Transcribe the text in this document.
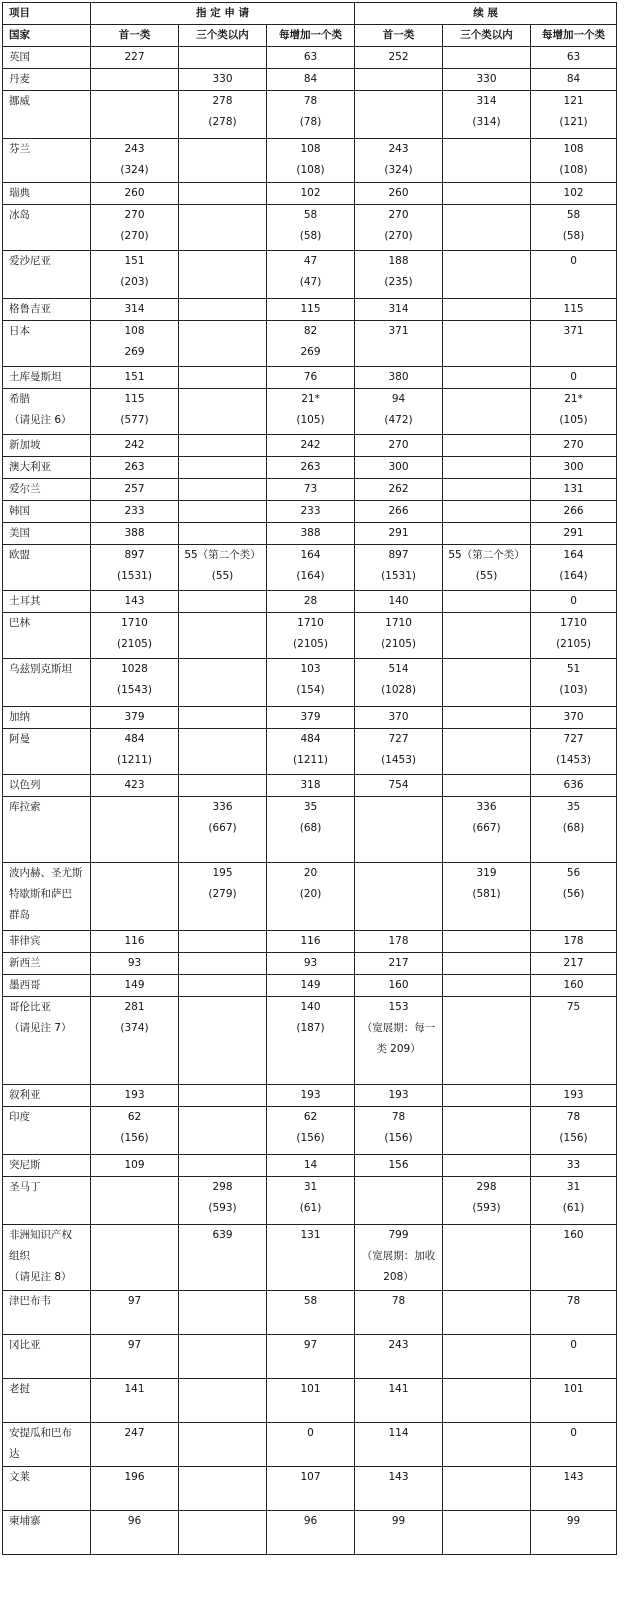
项目	指 定 申 请			续 展		
国家	首一类	三个类以内	每增加一个类	首一类	三个类以内	每增加一个类

英国	227		63	252		63

丹麦		330	84		330	84

挪威		278
(278)	78
(78)		314
(314)	121
(121)

芬兰	243
(324)		108
(108)	243
(324)		108
(108)

瑞典	260		102	260		102

冰岛	270
(270)		58
(58)	270
(270)		58
(58)

爱沙尼亚	151
(203)		47
(47)	188
(235)		0

格鲁吉亚	314		115	314		115

日本	108
269		82
269	371		371

土库曼斯坦	151		76	380		0

希腊
（请见注 6）	115
(577)		21*
(105)	94
(472)		21*
(105)

新加坡	242		242	270		270

澳大利亚	263		263	300		300

爱尔兰	257		73	262		131

韩国	233		233	266		266

美国	388		388	291		291

欧盟	897
(1531)	55（第二个类）
(55)	164
(164)	897
(1531)	55（第二个类）
(55)	164
(164)

土耳其	143		28	140		0

巴林	1710
(2105)		1710
(2105)	1710
(2105)		1710
(2105)

乌兹别克斯坦	1028
(1543)		103
(154)	514
(1028)		51
(103)

加纳	379		379	370		370

阿曼	484
(1211)		484
(1211)	727
(1453)		727
(1453)

以色列	423		318	754		636

库拉索		336
(667)	35
(68)		336
(667)	35
(68)

波内赫、圣尤斯
特歇斯和萨巴
群岛		195
(279)	20
(20)		319
(581)	56
(56)

菲律宾	116		116	178		178

新西兰	93		93	217		217

墨西哥	149		149	160		160

哥伦比亚
（请见注 7）	281
(374)		140
(187)	153
（宽展期：每一
类 209）		75

叙利亚	193		193	193		193

印度	62
(156)		62
(156)	78
(156)		78
(156)

突尼斯	109		14	156		33

圣马丁		298
(593)	31
(61)		298
(593)	31
(61)

非洲知识产权
组织
（请见注 8）		639	131	799
（宽展期：加收
208）		160

津巴布韦	97		58	78		78

冈比亚	97		97	243		0

老挝	141		101	141		101

安提瓜和巴布
达	247		0	114		0

文莱	196		107	143		143

柬埔寨	96		96	99		99
